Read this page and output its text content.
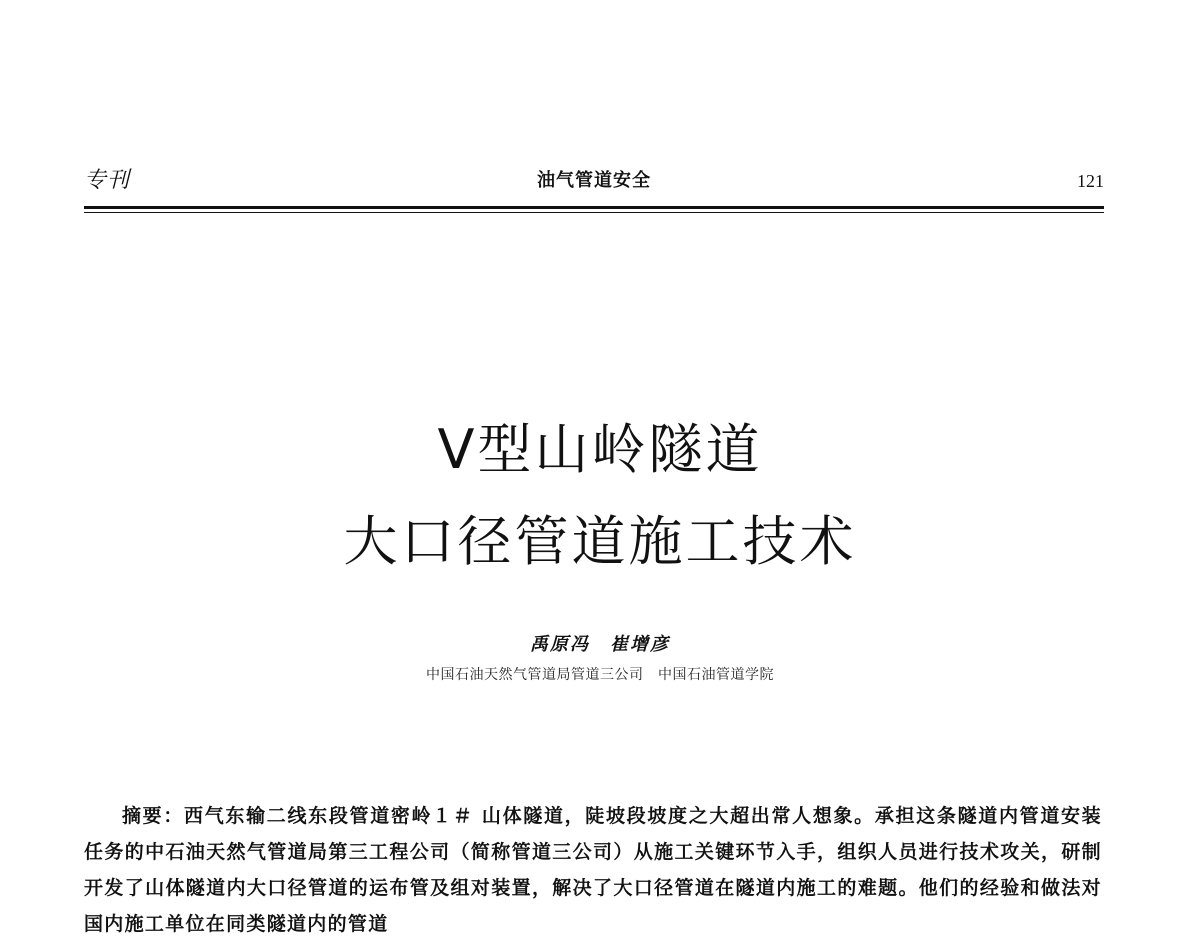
专刊	油气管道安全	121
V型山岭隧道
大口径管道施工技术
禹原冯　崔增彦
中国石油天然气管道局管道三公司　中国石油管道学院
摘要：西气东输二线东段管道密岭１＃ 山体隧道，陡坡段坡度之大超出常人想象。承担这条隧道内管道安装任务的中石油天然气管道局第三工程公司（简称管道三公司）从施工关键环节入手，组织人员进行技术攻关，研制开发了山体隧道内大口径管道的运布管及组对装置，解决了大口径管道在隧道内施工的难题。他们的经验和做法对国内施工单位在同类隧道内的管道
